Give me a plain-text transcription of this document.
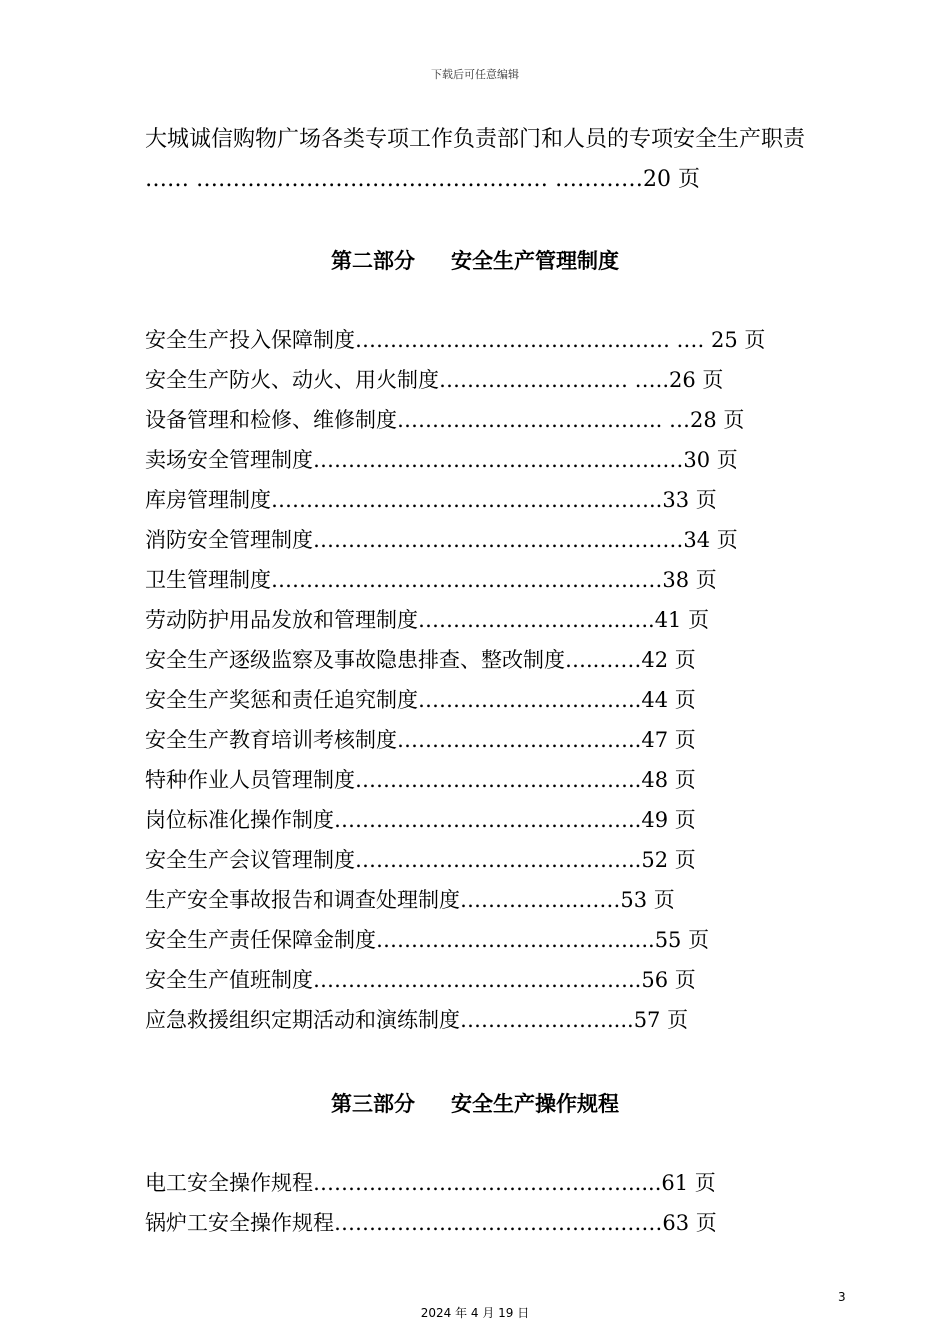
下载后可任意编辑
大城诚信购物广场各类专项工作负责部门和人员的专项安全生产职责
…… ………………………………………… …………20 页
第二部分 安全生产管理制度
安全生产投入保障制度……………………………………… .… 25 页
安全生产防火、动火、用火制度……………………… …..26 页
设备管理和检修、维修制度……………………………….. …28 页
卖场安全管理制度…………………………………………..…30 页
库房管理制度………………………………………………..33 页
消防安全管理制度……………………………………..………34 页
卫生管理制度……………………………………………..…38 页
劳动防护用品发放和管理制度………………………..…..41 页
安全生产逐级监察及事故隐患排查、整改制度…..……42 页
安全生产奖惩和责任追究制度…………………………..44 页
安全生产教育培训考核制度……………………………..47 页
特种作业人员管理制度…………………………………..48 页
岗位标准化操作制度……………………………………..49 页
安全生产会议管理制度…………………………………..52 页
生产安全事故报告和调查处理制度……………..……53 页
安全生产责任保障金制度………………………………....55 页
安全生产值班制度………………………………………..56 页
应急救援组织定期活动和演练制度…………………....57 页
第三部分 安全生产操作规程
电工安全操作规程……………………………………….....61 页
锅炉工安全操作规程…………………………………..……63 页
3
2024 年 4 月 19 日
